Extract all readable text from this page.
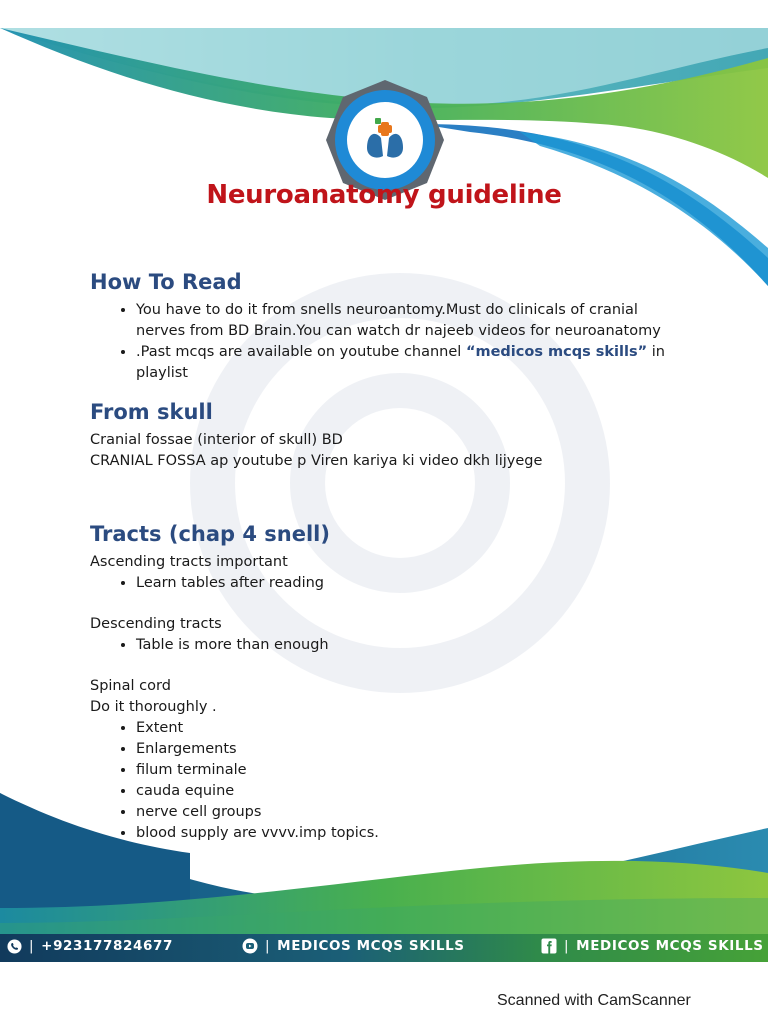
Neuroanatomy guideline
How To Read
• You have to do it from snells neuroantomy.Must do clinicals of cranial nerves from BD Brain.You can watch dr najeeb videos for neuroanatomy
• .Past mcqs are available on youtube channel “medicos mcqs skills” in playlist
From skull

Cranial fossae (interior of skull) BD

CRANIAL FOSSA ap youtube p Viren kariya ki video dkh lijyege

Tracts (chap 4 snell)

Ascending tracts important

• Learn tables after reading

Descending tracts

• Table is more than enough

Spinal cord

Do it thoroughly .

• Extent
• Enlargements
• filum terminale
• cauda equine
• nerve cell groups
• blood supply are vvvv.imp topics.
| +923177824677	| MEDICOS MCQS SKILLS	| MEDICOS MCQS SKILLS
Scanned with CamScanner
